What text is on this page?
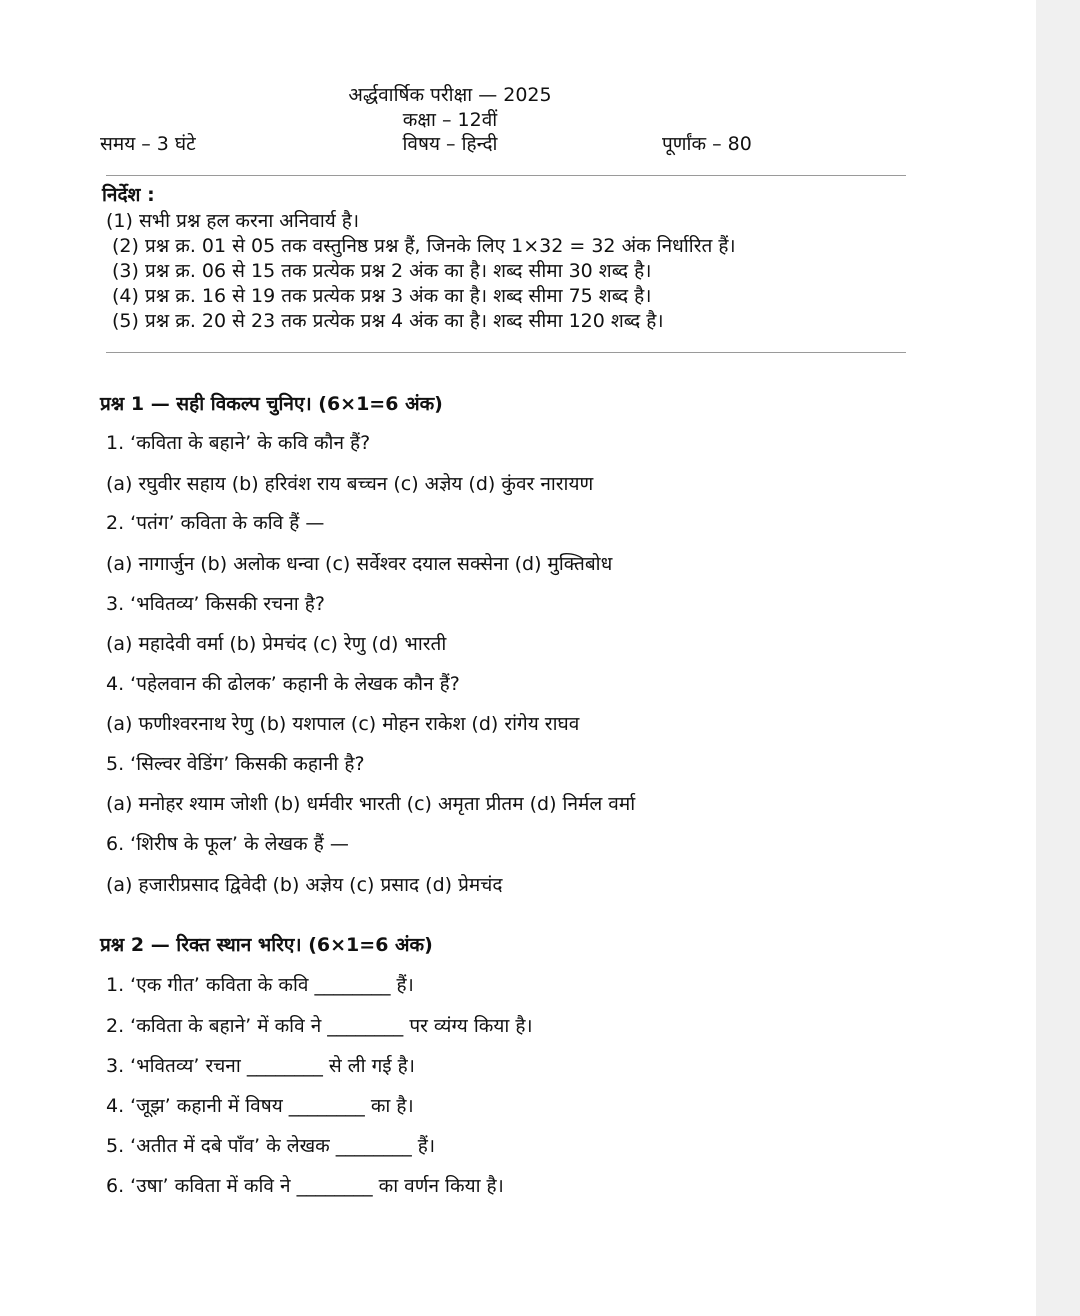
अर्द्धवार्षिक परीक्षा — 2025
कक्षा – 12वीं
समय – 3 घंटे	विषय – हिन्दी	पूर्णांक – 80
निर्देश :
(1) सभी प्रश्न हल करना अनिवार्य है।
(2) प्रश्न क्र. 01 से 05 तक वस्तुनिष्ठ प्रश्न हैं, जिनके लिए 1×32 = 32 अंक निर्धारित हैं।
(3) प्रश्न क्र. 06 से 15 तक प्रत्येक प्रश्न 2 अंक का है। शब्द सीमा 30 शब्द है।
(4) प्रश्न क्र. 16 से 19 तक प्रत्येक प्रश्न 3 अंक का है। शब्द सीमा 75 शब्द है।
(5) प्रश्न क्र. 20 से 23 तक प्रत्येक प्रश्न 4 अंक का है। शब्द सीमा 120 शब्द है।
प्रश्न 1 — सही विकल्प चुनिए। (6×1=6 अंक)
1. ‘कविता के बहाने’ के कवि कौन हैं?
(a) रघुवीर सहाय (b) हरिवंश राय बच्चन (c) अज्ञेय (d) कुंवर नारायण
2. ‘पतंग’ कविता के कवि हैं —
(a) नागार्जुन (b) अलोक धन्वा (c) सर्वेश्वर दयाल सक्सेना (d) मुक्तिबोध
3. ‘भवितव्य’ किसकी रचना है?
(a) महादेवी वर्मा (b) प्रेमचंद (c) रेणु (d) भारती
4. ‘पहेलवान की ढोलक’ कहानी के लेखक कौन हैं?
(a) फणीश्वरनाथ रेणु (b) यशपाल (c) मोहन राकेश (d) रांगेय राघव
5. ‘सिल्वर वेडिंग’ किसकी कहानी है?
(a) मनोहर श्याम जोशी (b) धर्मवीर भारती (c) अमृता प्रीतम (d) निर्मल वर्मा
6. ‘शिरीष के फूल’ के लेखक हैं —
(a) हजारीप्रसाद द्विवेदी (b) अज्ञेय (c) प्रसाद (d) प्रेमचंद
प्रश्न 2 — रिक्त स्थान भरिए। (6×1=6 अंक)
1. ‘एक गीत’ कविता के कवि ________ हैं।
2. ‘कविता के बहाने’ में कवि ने ________ पर व्यंग्य किया है।
3. ‘भवितव्य’ रचना ________ से ली गई है।
4. ‘जूझ’ कहानी में विषय ________ का है।
5. ‘अतीत में दबे पाँव’ के लेखक ________ हैं।
6. ‘उषा’ कविता में कवि ने ________ का वर्णन किया है।
